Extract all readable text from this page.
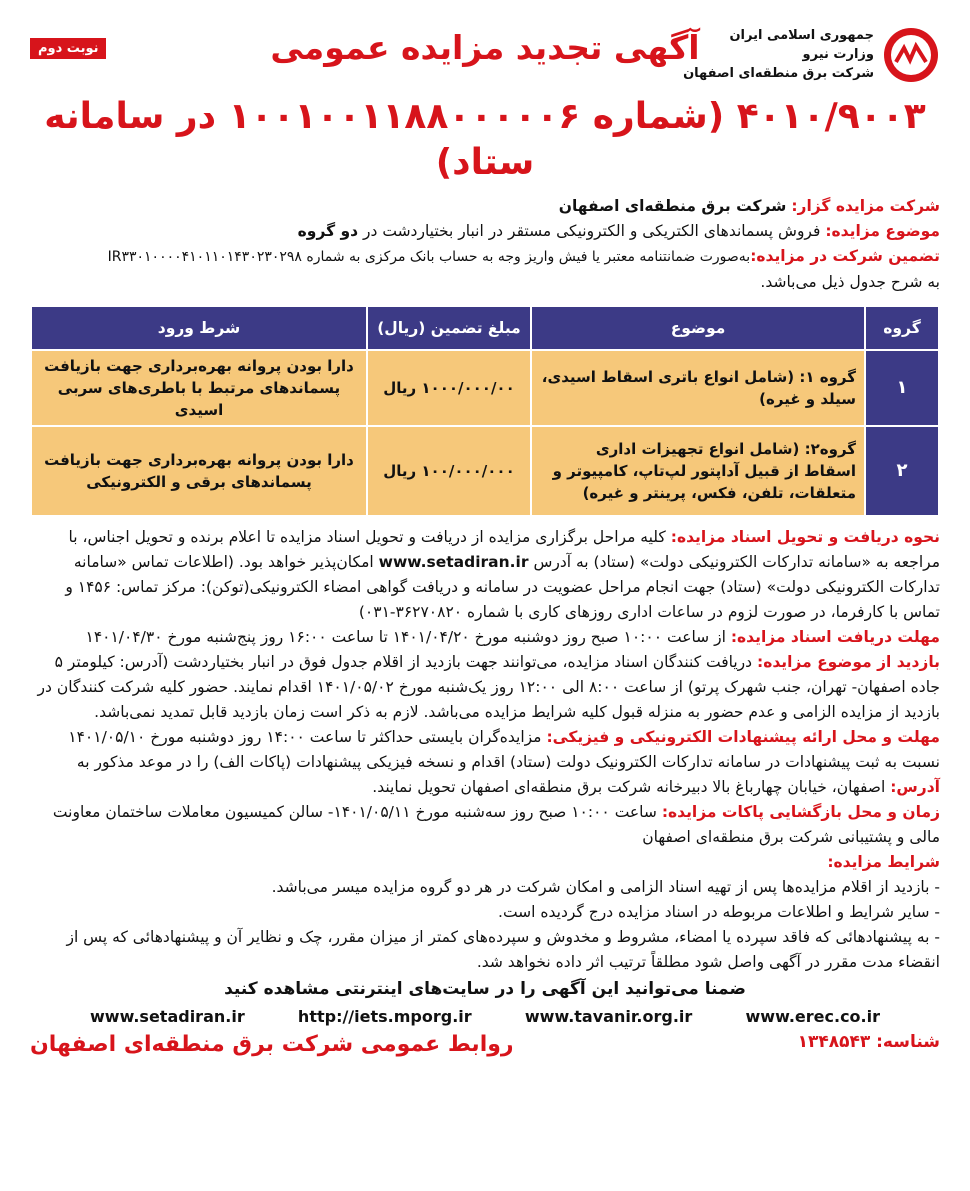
جمهوری اسلامی ایران
وزارت نیرو
شرکت برق منطقه‌ای اصفهان
آگهی تجدید مزایده عمومی
نوبت دوم
۴۰۱۰/۹۰۰۳ (شماره ۱۰۰۱۰۰۱۱۸۸۰۰۰۰۰۶ در سامانه ستاد)

شرکت مزایده گزار: شرکت برق منطقه‌ای اصفهان

موضوع مزایده: فروش پسماندهای الکتریکی و الکترونیکی مستقر در انبار بختیاردشت در دو گروه

تضمین شرکت در مزایده:به‌صورت ضمانتنامه معتبر یا فیش واریز وجه به حساب بانک مرکزی به شماره IR۳۳۰۱۰۰۰۰۴۱۰۱۱۰۱۴۳۰۲۳۰۲۹۸

به شرح جدول ذیل می‌باشد.

گروه	موضوع	مبلغ تضمین (ریال)	شرط ورود
۱	گروه ۱: (شامل انواع باتری اسقاط اسیدی، سیلد و غیره)	۱۰۰۰/۰۰۰/۰۰ ریال	دارا بودن پروانه بهره‌برداری جهت بازیافت پسماندهای مرتبط با باطری‌های سربی اسیدی
۲	گروه۲: (شامل انواع تجهیزات اداری اسقاط از قبیل آداپتور لپ‌تاپ، کامپیوتر و متعلقات، تلفن، فکس، پرینتر و غیره)	۱۰۰/۰۰۰/۰۰۰ ریال	دارا بودن پروانه بهره‌برداری جهت بازیافت پسماندهای برقی و الکترونیکی

نحوه دریافت و تحویل اسناد مزایده: کلیه مراحل برگزاری مزایده از دریافت و تحویل اسناد مزایده تا اعلام برنده و تحویل اجناس، با مراجعه به «سامانه تدارکات الکترونیکی دولت» (ستاد) به آدرس www.setadiran.ir امکان‌پذیر خواهد بود. (اطلاعات تماس «سامانه تدارکات الکترونیکی دولت» (ستاد) جهت انجام مراحل عضویت در سامانه و دریافت گواهی امضاء الکترونیکی(توکن): مرکز تماس: ۱۴۵۶ و تماس با کارفرما، در صورت لزوم در ساعات اداری روزهای کاری با شماره ۳۶۲۷۰۸۲۰-۰۳۱)

مهلت دریافت اسناد مزایده: از ساعت ۱۰:۰۰ صبح روز دوشنبه مورخ ۱۴۰۱/۰۴/۲۰ تا ساعت ۱۶:۰۰ روز پنج‌شنبه مورخ ۱۴۰۱/۰۴/۳۰

بازدید از موضوع مزایده: دریافت کنندگان اسناد مزایده، می‌توانند جهت بازدید از اقلام جدول فوق در انبار بختیاردشت (آدرس: کیلومتر ۵ جاده اصفهان- تهران، جنب شهرک پرتو) از ساعت ۸:۰۰ الی ۱۲:۰۰ روز یک‌شنبه مورخ ۱۴۰۱/۰۵/۰۲ اقدام نمایند. حضور کلیه شرکت کنندگان در بازدید از مزایده الزامی و عدم حضور به منزله قبول کلیه شرایط مزایده می‌باشد. لازم به ذکر است زمان بازدید قابل تمدید نمی‌باشد.

مهلت و محل ارائه پیشنهادات الکترونیکی و فیزیکی: مزایده‌گران بایستی حداکثر تا ساعت ۱۴:۰۰ روز دوشنبه مورخ ۱۴۰۱/۰۵/۱۰ نسبت به ثبت پیشنهادات در سامانه تدارکات الکترونیک دولت (ستاد) اقدام و نسخه فیزیکی پیشنهادات (پاکات الف) را در موعد مذکور به

آدرس: اصفهان، خیابان چهارباغ بالا دبیرخانه شرکت برق منطقه‌ای اصفهان تحویل نمایند.

زمان و محل بازگشایی پاکات مزایده: ساعت ۱۰:۰۰ صبح روز سه‌شنبه مورخ ۱۴۰۱/۰۵/۱۱- سالن کمیسیون معاملات ساختمان معاونت مالی و پشتیبانی شرکت برق منطقه‌ای اصفهان

شرایط مزایده:

- بازدید از اقلام مزایده‌ها پس از تهیه اسناد الزامی و امکان شرکت در هر دو گروه مزایده میسر می‌باشد.
- سایر شرایط و اطلاعات مربوطه در اسناد مزایده درج گردیده است.
- به پیشنهادهائی که فاقد سپرده یا امضاء، مشروط و مخدوش و سپرده‌های کمتر از میزان مقرر، چک و نظایر آن و پیشنهادهائی که پس از انقضاء مدت مقرر در آگهی واصل شود مطلقاً ترتیب اثر داده نخواهد شد.
ضمنا می‌توانید این آگهی را در سایت‌های اینترنتی مشاهده کنید
www.erec.co.ir
www.tavanir.org.ir
http://iets.mporg.ir
www.setadiran.ir
شناسه: ۱۳۴۸۵۴۳
روابط عمومی شرکت برق منطقه‌ای اصفهان
